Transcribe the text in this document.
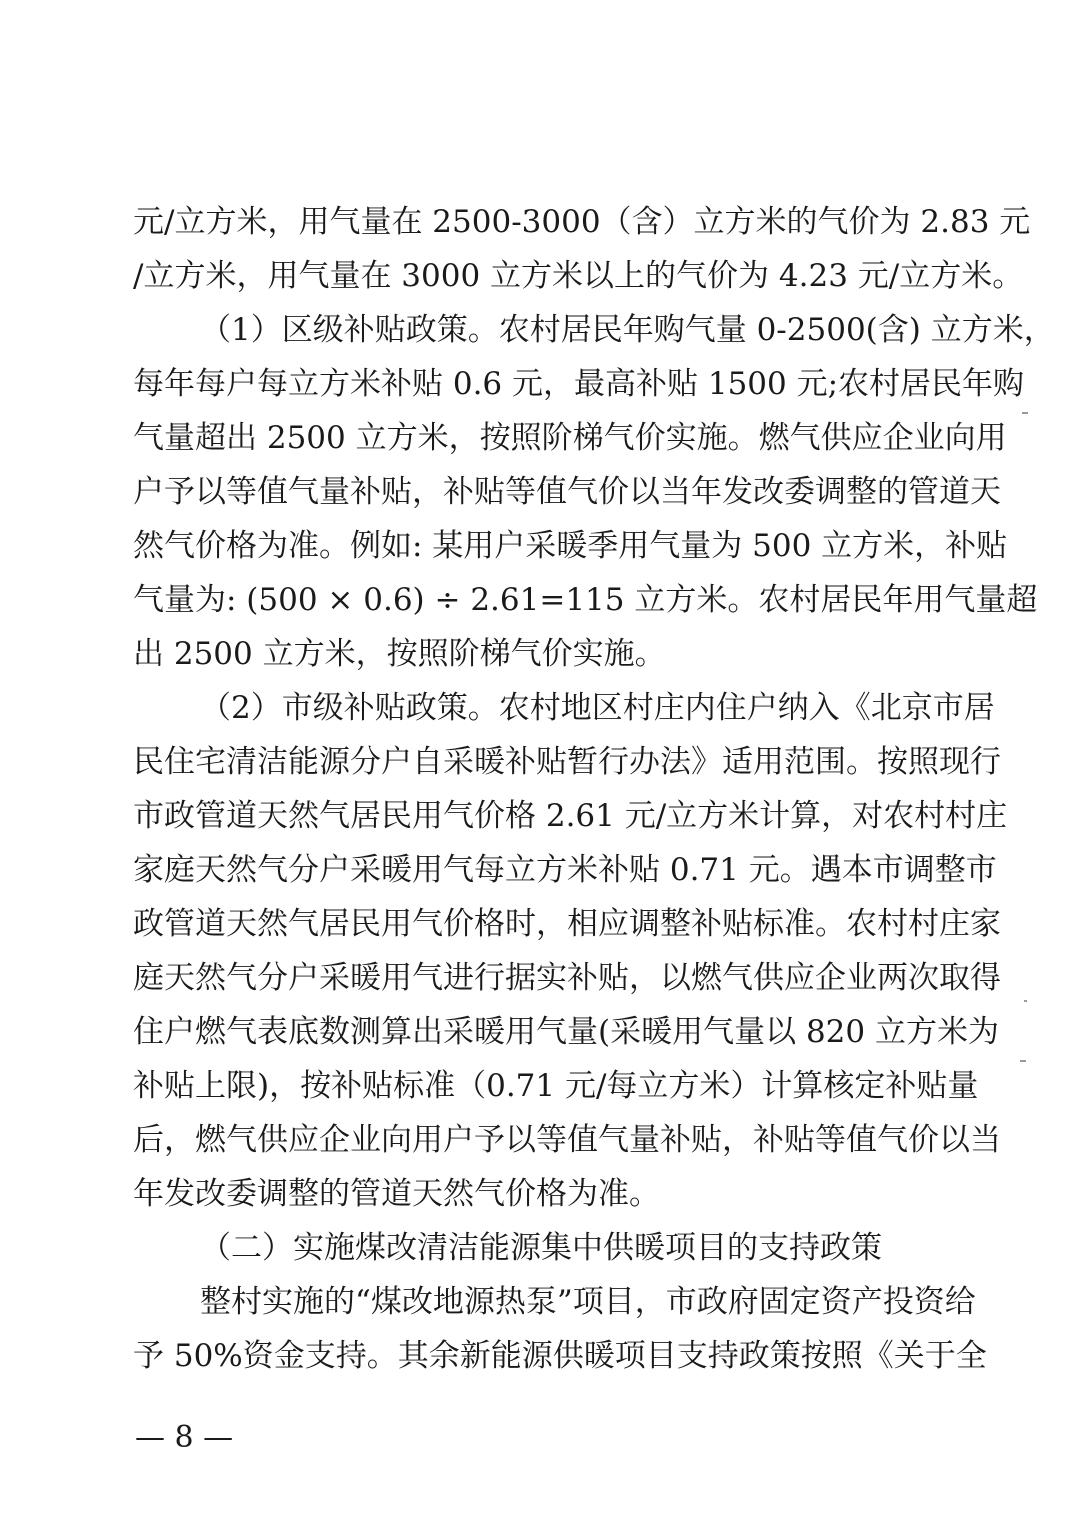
元/立方米，用气量在 2500-3000（含）立方米的气价为 2.83 元
/立方米，用气量在 3000 立方米以上的气价为 4.23 元/立方米。
（1）区级补贴政策。农村居民年购气量 0-2500(含) 立方米，
每年每户每立方米补贴 0.6 元，最高补贴 1500 元;农村居民年购
气量超出 2500 立方米，按照阶梯气价实施。燃气供应企业向用
户予以等值气量补贴，补贴等值气价以当年发改委调整的管道天
然气价格为准。例如: 某用户采暖季用气量为 500 立方米，补贴
气量为: (500 × 0.6) ÷ 2.61=115 立方米。农村居民年用气量超
出 2500 立方米，按照阶梯气价实施。
（2）市级补贴政策。农村地区村庄内住户纳入《北京市居
民住宅清洁能源分户自采暖补贴暂行办法》适用范围。按照现行
市政管道天然气居民用气价格 2.61 元/立方米计算，对农村村庄
家庭天然气分户采暖用气每立方米补贴 0.71 元。遇本市调整市
政管道天然气居民用气价格时，相应调整补贴标准。农村村庄家
庭天然气分户采暖用气进行据实补贴，以燃气供应企业两次取得
住户燃气表底数测算出采暖用气量(采暖用气量以 820 立方米为
补贴上限)，按补贴标准（0.71 元/每立方米）计算核定补贴量
后，燃气供应企业向用户予以等值气量补贴，补贴等值气价以当
年发改委调整的管道天然气价格为准。
（二）实施煤改清洁能源集中供暖项目的支持政策
整村实施的“煤改地源热泵”项目，市政府固定资产投资给
予 50%资金支持。其余新能源供暖项目支持政策按照《关于全
— 8 —
